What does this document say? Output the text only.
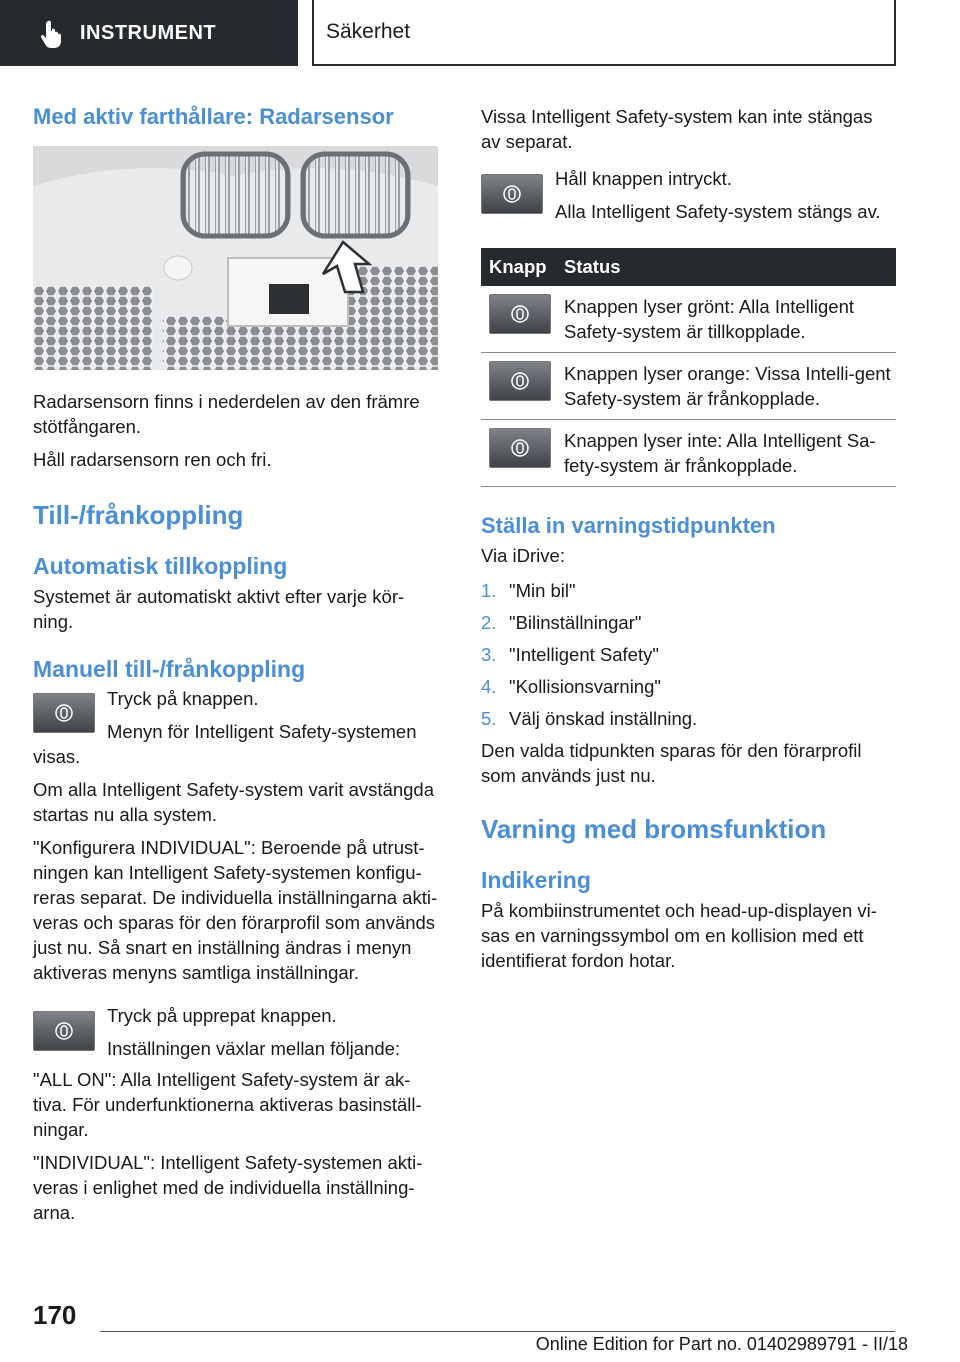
INSTRUMENT	Säkerhet
Med aktiv farthållare: Radarsensor

Radarsensorn finns i nederdelen av den främre stötfångaren.

Håll radarsensorn ren och fri.

Till-/frånkoppling
Automatisk tillkoppling

Systemet är automatiskt aktivt efter varje kör-ning.

Manuell till-/frånkoppling

Tryck på knappen.

Menyn för Intelligent Safety-systemen

visas.

Om alla Intelligent Safety-system varit avstängda startas nu alla system.

"Konfigurera INDIVIDUAL": Beroende på utrust-ningen kan Intelligent Safety-systemen konfigu-reras separat. De individuella inställningarna akti-veras och sparas för den förarprofil som används just nu. Så snart en inställning ändras i menyn aktiveras menyns samtliga inställningar.

Tryck på upprepat knappen.

Inställningen växlar mellan följande:

"ALL ON": Alla Intelligent Safety-system är ak-tiva. För underfunktionerna aktiveras basinställ-ningar.

"INDIVIDUAL": Intelligent Safety-systemen akti-veras i enlighet med de individuella inställning-arna.

Vissa Intelligent Safety-system kan inte stängas av separat.

Håll knappen intryckt.

Alla Intelligent Safety-system stängs av.

Knapp	Status

	Knappen lyser grönt: Alla Intelligent Safety-system är tillkopplade.

	Knappen lyser orange: Vissa Intelli-gent Safety-system är frånkopplade.

	Knappen lyser inte: Alla Intelligent Sa-fety-system är frånkopplade.
Ställa in varningstidpunkten

Via iDrive:

1. "Min bil"
2. "Bilinställningar"
3. "Intelligent Safety"
4. "Kollisionsvarning"
5. Välj önskad inställning.

Den valda tidpunkten sparas för den förarprofil som används just nu.

Varning med bromsfunktion
Indikering

På kombiinstrumentet och head-up-displayen vi-sas en varningssymbol om en kollision med ett identifierat fordon hotar.

170
Online Edition for Part no. 01402989791 - II/18
